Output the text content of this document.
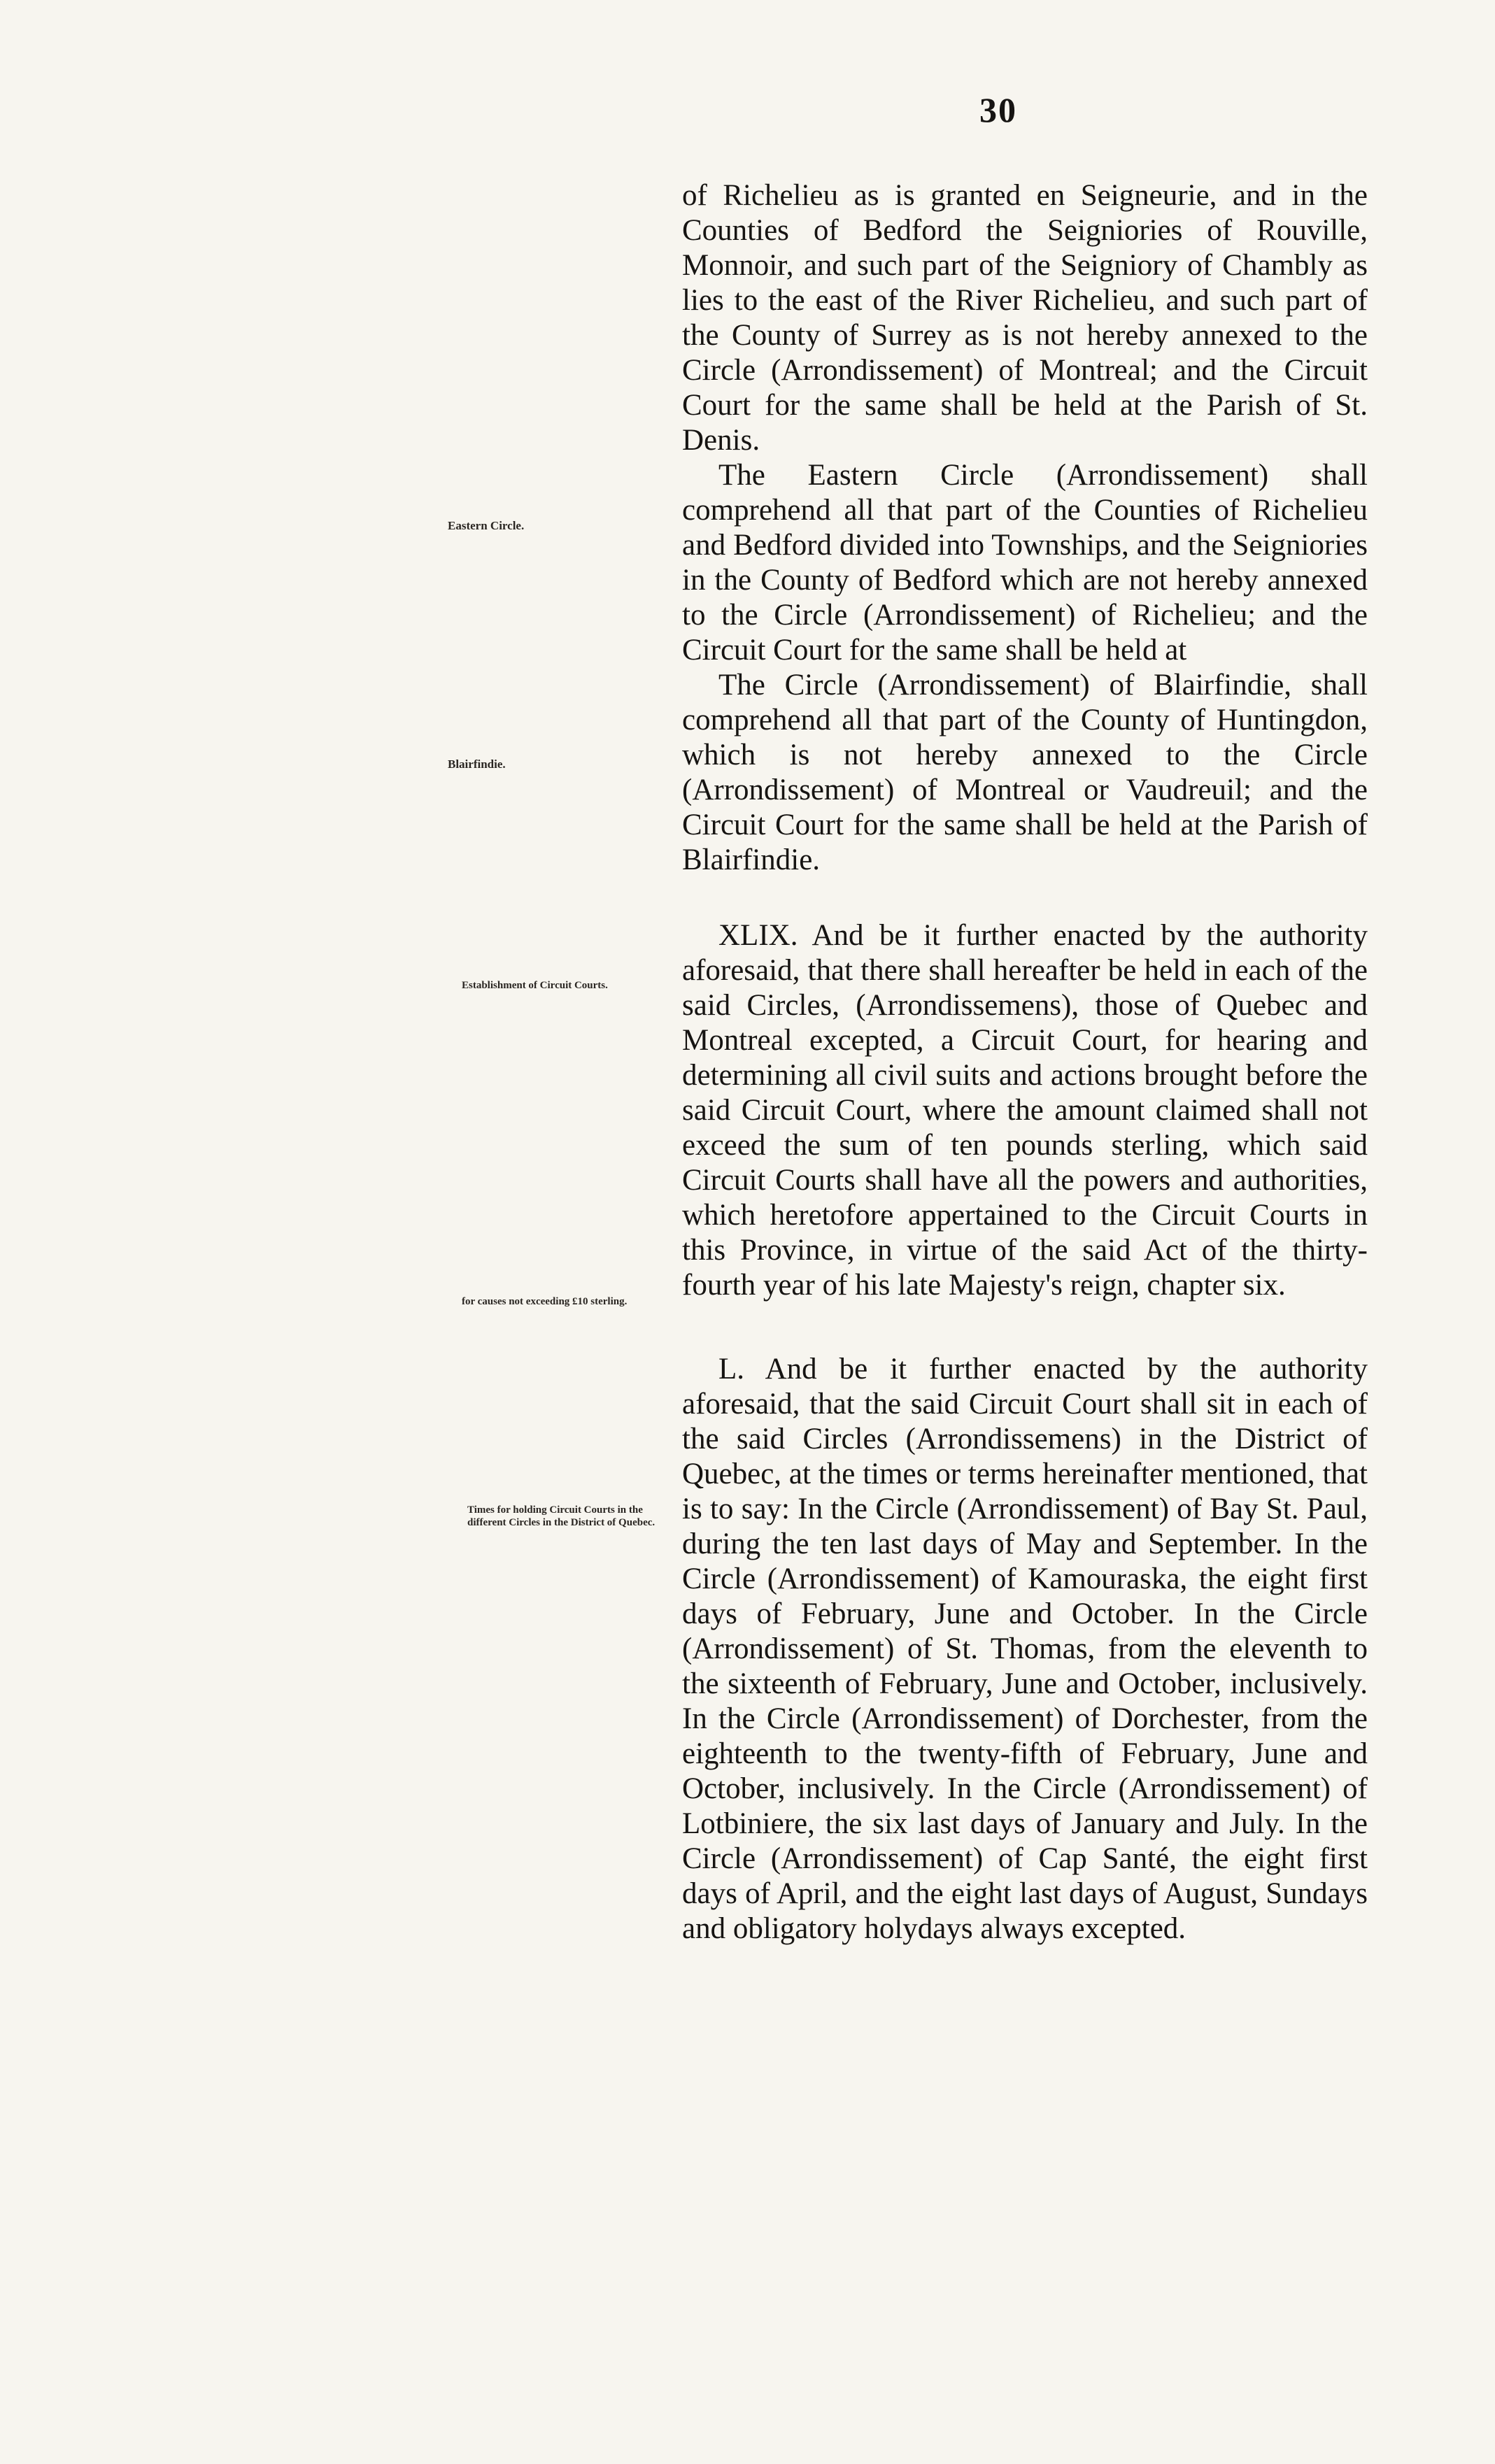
30
Eastern Circle.
Blairfindie.
Establishment of Circuit Courts.
for causes not exceeding £10 sterling.
Times for holding Circuit Courts in the different Circles in the District of Quebec.

of Richelieu as is granted en Seigneurie, and in the Counties of Bedford the Seigniories of Rouville, Monnoir, and such part of the Seigniory of Chambly as lies to the east of the River Richelieu, and such part of the County of Surrey as is not hereby annexed to the Circle (Arrondissement) of Montreal; and the Circuit Court for the same shall be held at the Parish of St. Denis.

The Eastern Circle (Arrondissement) shall comprehend all that part of the Counties of Richelieu and Bedford divided into Townships, and the Seigniories in the County of Bedford which are not hereby annexed to the Circle (Arrondissement) of Richelieu; and the Circuit Court for the same shall be held at

The Circle (Arrondissement) of Blairfindie, shall comprehend all that part of the County of Huntingdon, which is not hereby annexed to the Circle (Arrondissement) of Montreal or Vaudreuil; and the Circuit Court for the same shall be held at the Parish of Blairfindie.

XLIX. And be it further enacted by the authority aforesaid, that there shall hereafter be held in each of the said Circles, (Arrondissemens), those of Quebec and Montreal excepted, a Circuit Court, for hearing and determining all civil suits and actions brought before the said Circuit Court, where the amount claimed shall not exceed the sum of ten pounds sterling, which said Circuit Courts shall have all the powers and authorities, which heretofore appertained to the Circuit Courts in this Province, in virtue of the said Act of the thirty-fourth year of his late Majesty's reign, chapter six.

L. And be it further enacted by the authority aforesaid, that the said Circuit Court shall sit in each of the said Circles (Arrondissemens) in the District of Quebec, at the times or terms hereinafter mentioned, that is to say: In the Circle (Arrondissement) of Bay St. Paul, during the ten last days of May and September. In the Circle (Arrondissement) of Kamouraska, the eight first days of February, June and October. In the Circle (Arrondissement) of St. Thomas, from the eleventh to the sixteenth of February, June and October, inclusively. In the Circle (Arrondissement) of Dorchester, from the eighteenth to the twenty-fifth of February, June and October, inclusively. In the Circle (Arrondissement) of Lotbiniere, the six last days of January and July. In the Circle (Arrondissement) of Cap Santé, the eight first days of April, and the eight last days of August, Sundays and obligatory holydays always excepted.
